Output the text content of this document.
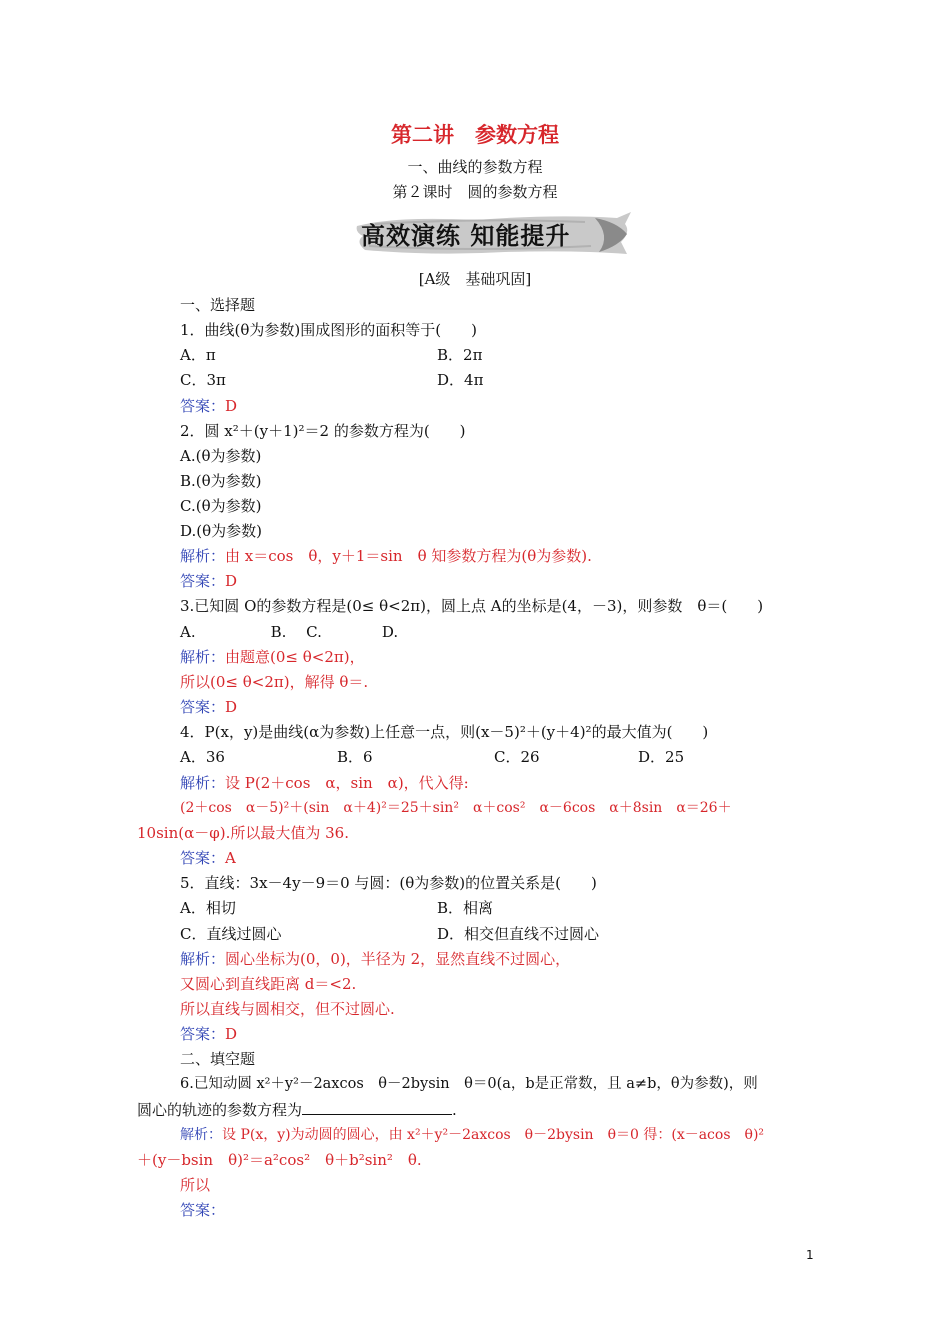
第二讲　参数方程
一、曲线的参数方程
第２课时　圆的参数方程
高效演练 知能提升
[A级　基础巩固]
一、选择题
1．曲线(θ为参数)围成图形的面积等于(　　)
A．π	B．2π
C．3π	D．4π
答案：D
2．圆 x²＋(y＋1)²＝2 的参数方程为(　　)
A.(θ为参数)
B.(θ为参数)
C.(θ为参数)
D.(θ为参数)
解析：由 x＝cos　θ，y＋1＝sin　θ 知参数方程为(θ为参数).
答案：D
3.已知圆 O的参数方程是(0≤ θ<2π)，圆上点 A的坐标是(4，－3)，则参数　θ＝(　　)
A.　　　　　B.　 C.　　　　D.
解析：由题意(0≤ θ<2π)，
所以(0≤ θ<2π)，解得 θ＝.
答案：D
4．P(x，y)是曲线(α为参数)上任意一点，则(x－5)²＋(y＋4)²的最大值为(　　)
A．36	B．6	C．26	D．25
解析：设 P(2＋cos　α，sin　α)，代入得:
(2＋cos　α－5)²＋(sin　α＋4)²＝25＋sin²　α＋cos²　α－6cos　α＋8sin　α＝26＋
10sin(α－φ).所以最大值为 36.
答案：A
5．直线：3x－4y－9＝0 与圆：(θ为参数)的位置关系是(　　)
A．相切	B．相离
C．直线过圆心	D．相交但直线不过圆心
解析：圆心坐标为(0，0)，半径为 2，显然直线不过圆心，
又圆心到直线距离 d＝<2.
所以直线与圆相交，但不过圆心.
答案：D
二、填空题
6.已知动圆 x²＋y²－2axcos　θ－2bysin　θ＝0(a，b是正常数，且 a≠b，θ为参数)，则
圆心的轨迹的参数方程为	.
解析：设 P(x，y)为动圆的圆心，由 x²＋y²－2axcos　θ－2bysin　θ＝0 得：(x－acos　θ)²
＋(y－bsin　θ)²＝a²cos²　θ＋b²sin²　θ.
所以
答案：
1
